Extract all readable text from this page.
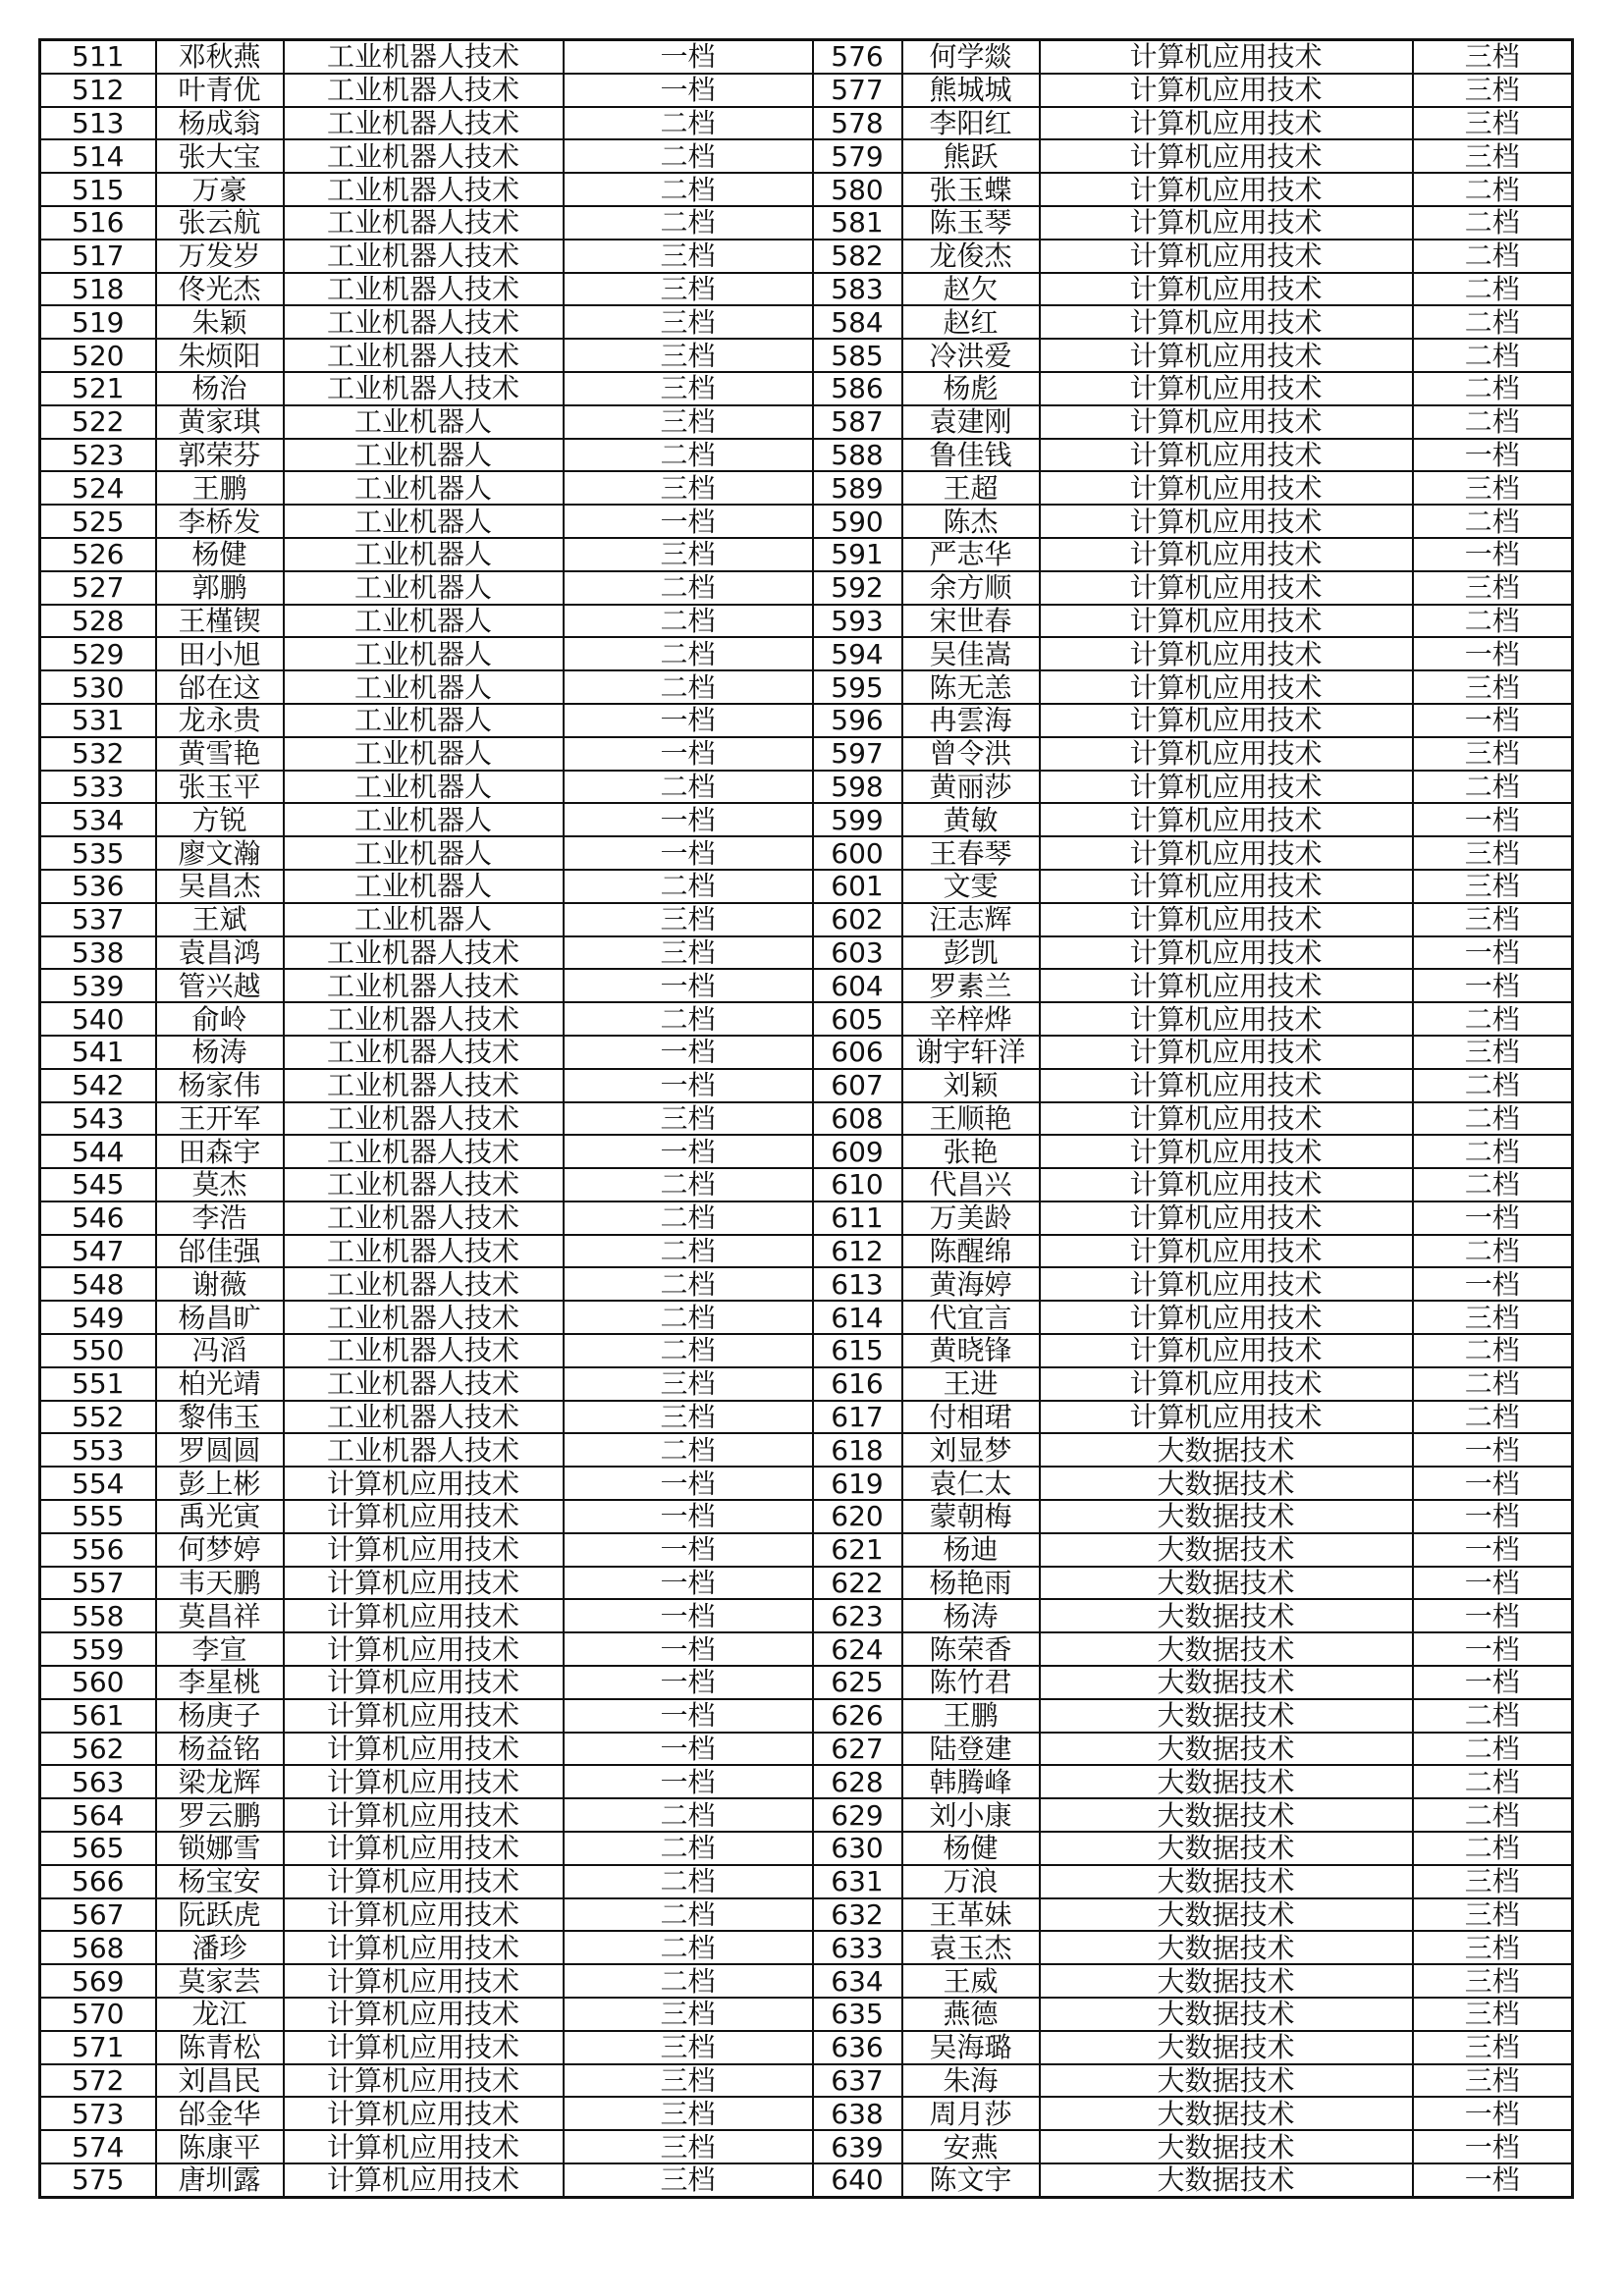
511	邓秋燕	工业机器人技术	一档	576	何学燚	计算机应用技术	三档
512	叶青优	工业机器人技术	一档	577	熊城城	计算机应用技术	三档
513	杨成翁	工业机器人技术	二档	578	李阳红	计算机应用技术	三档
514	张大宝	工业机器人技术	二档	579	熊跃	计算机应用技术	三档
515	万豪	工业机器人技术	二档	580	张玉蝶	计算机应用技术	二档
516	张云航	工业机器人技术	二档	581	陈玉琴	计算机应用技术	二档
517	万发岁	工业机器人技术	三档	582	龙俊杰	计算机应用技术	二档
518	佟光杰	工业机器人技术	三档	583	赵欠	计算机应用技术	二档
519	朱颖	工业机器人技术	三档	584	赵红	计算机应用技术	二档
520	朱烦阳	工业机器人技术	三档	585	冷洪爱	计算机应用技术	二档
521	杨治	工业机器人技术	三档	586	杨彪	计算机应用技术	二档
522	黄家琪	工业机器人	三档	587	袁建刚	计算机应用技术	二档
523	郭荣芬	工业机器人	二档	588	鲁佳钱	计算机应用技术	一档
524	王鹏	工业机器人	三档	589	王超	计算机应用技术	三档
525	李桥发	工业机器人	一档	590	陈杰	计算机应用技术	二档
526	杨健	工业机器人	三档	591	严志华	计算机应用技术	一档
527	郭鹏	工业机器人	二档	592	余方顺	计算机应用技术	三档
528	王槿锲	工业机器人	二档	593	宋世春	计算机应用技术	二档
529	田小旭	工业机器人	二档	594	吴佳嵩	计算机应用技术	一档
530	邰在这	工业机器人	二档	595	陈无恙	计算机应用技术	三档
531	龙永贵	工业机器人	一档	596	冉雲海	计算机应用技术	一档
532	黄雪艳	工业机器人	一档	597	曾令洪	计算机应用技术	三档
533	张玉平	工业机器人	二档	598	黄丽莎	计算机应用技术	二档
534	方锐	工业机器人	一档	599	黄敏	计算机应用技术	一档
535	廖文瀚	工业机器人	一档	600	王春琴	计算机应用技术	三档
536	吴昌杰	工业机器人	二档	601	文雯	计算机应用技术	三档
537	王斌	工业机器人	三档	602	汪志辉	计算机应用技术	三档
538	袁昌鸿	工业机器人技术	三档	603	彭凯	计算机应用技术	一档
539	管兴越	工业机器人技术	一档	604	罗素兰	计算机应用技术	一档
540	俞岭	工业机器人技术	二档	605	辛梓烨	计算机应用技术	二档
541	杨涛	工业机器人技术	一档	606	谢宇轩洋	计算机应用技术	三档
542	杨家伟	工业机器人技术	一档	607	刘颖	计算机应用技术	二档
543	王开军	工业机器人技术	三档	608	王顺艳	计算机应用技术	二档
544	田森宇	工业机器人技术	一档	609	张艳	计算机应用技术	二档
545	莫杰	工业机器人技术	二档	610	代昌兴	计算机应用技术	二档
546	李浩	工业机器人技术	二档	611	万美龄	计算机应用技术	一档
547	邰佳强	工业机器人技术	二档	612	陈醒绵	计算机应用技术	二档
548	谢薇	工业机器人技术	二档	613	黄海婷	计算机应用技术	一档
549	杨昌旷	工业机器人技术	二档	614	代宜言	计算机应用技术	三档
550	冯滔	工业机器人技术	二档	615	黄晓锋	计算机应用技术	二档
551	柏光靖	工业机器人技术	三档	616	王进	计算机应用技术	二档
552	黎伟玉	工业机器人技术	三档	617	付相珺	计算机应用技术	二档
553	罗圆圆	工业机器人技术	二档	618	刘显梦	大数据技术	一档
554	彭上彬	计算机应用技术	一档	619	袁仁太	大数据技术	一档
555	禹光寅	计算机应用技术	一档	620	蒙朝梅	大数据技术	一档
556	何梦婷	计算机应用技术	一档	621	杨迪	大数据技术	一档
557	韦天鹏	计算机应用技术	一档	622	杨艳雨	大数据技术	一档
558	莫昌祥	计算机应用技术	一档	623	杨涛	大数据技术	一档
559	李宣	计算机应用技术	一档	624	陈荣香	大数据技术	一档
560	李星桃	计算机应用技术	一档	625	陈竹君	大数据技术	一档
561	杨庚子	计算机应用技术	一档	626	王鹏	大数据技术	二档
562	杨益铭	计算机应用技术	一档	627	陆登建	大数据技术	二档
563	梁龙辉	计算机应用技术	一档	628	韩腾峰	大数据技术	二档
564	罗云鹏	计算机应用技术	二档	629	刘小康	大数据技术	二档
565	锁娜雪	计算机应用技术	二档	630	杨健	大数据技术	二档
566	杨宝安	计算机应用技术	二档	631	万浪	大数据技术	三档
567	阮跃虎	计算机应用技术	二档	632	王革妹	大数据技术	三档
568	潘珍	计算机应用技术	二档	633	袁玉杰	大数据技术	三档
569	莫家芸	计算机应用技术	二档	634	王威	大数据技术	三档
570	龙江	计算机应用技术	三档	635	燕德	大数据技术	三档
571	陈青松	计算机应用技术	三档	636	吴海璐	大数据技术	三档
572	刘昌民	计算机应用技术	三档	637	朱海	大数据技术	三档
573	邰金华	计算机应用技术	三档	638	周月莎	大数据技术	一档
574	陈康平	计算机应用技术	三档	639	安燕	大数据技术	一档
575	唐圳露	计算机应用技术	三档	640	陈文宇	大数据技术	一档
